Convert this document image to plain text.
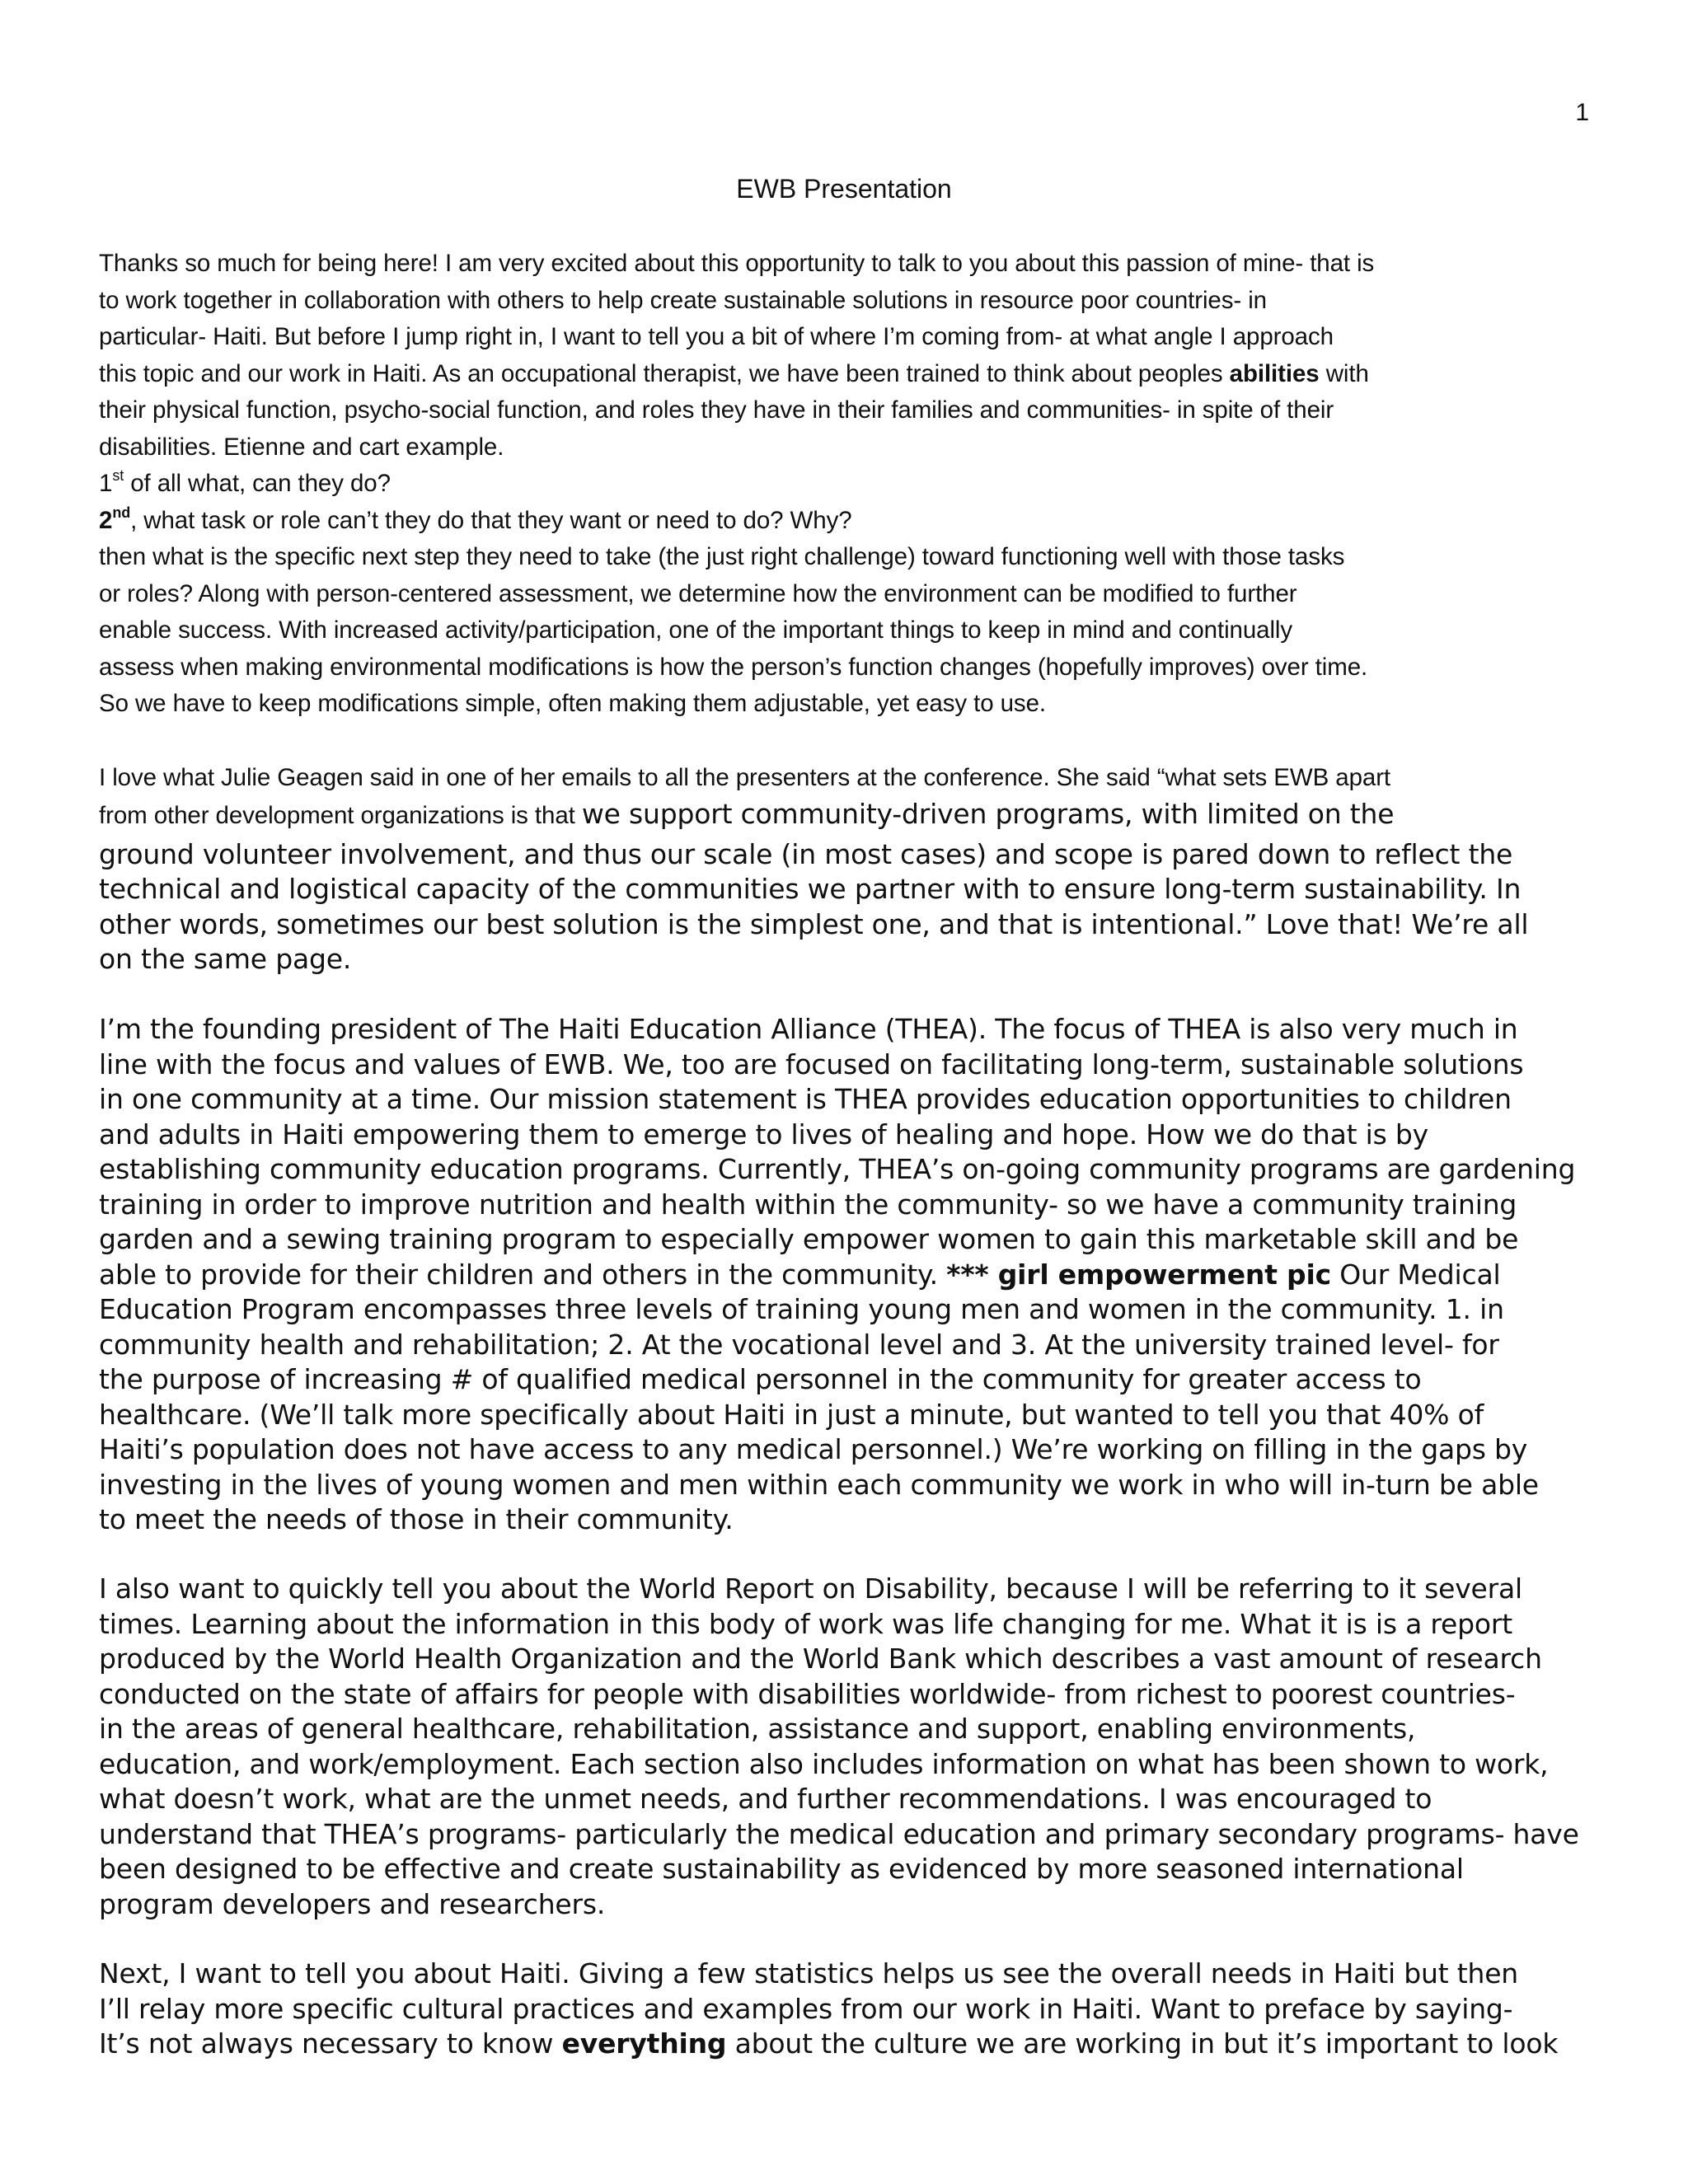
1
EWB Presentation
Thanks so much for being here! I am very excited about this opportunity to talk to you about this passion of mine- that is
to work together in collaboration with others to help create sustainable solutions in resource poor countries- in
particular- Haiti. But before I jump right in, I want to tell you a bit of where I’m coming from- at what angle I approach
this topic and our work in Haiti. As an occupational therapist, we have been trained to think about peoples abilities with
their physical function, psycho-social function, and roles they have in their families and communities- in spite of their
disabilities. Etienne and cart example.
1st of all what, can they do?
2nd, what task or role can’t they do that they want or need to do? Why?
then what is the specific next step they need to take (the just right challenge) toward functioning well with those tasks
or roles? Along with person-centered assessment, we determine how the environment can be modified to further
enable success. With increased activity/participation, one of the important things to keep in mind and continually
assess when making environmental modifications is how the person’s function changes (hopefully improves) over time.
So we have to keep modifications simple, often making them adjustable, yet easy to use.
I love what Julie Geagen said in one of her emails to all the presenters at the conference. She said “what sets EWB apart
from other development organizations is that we support community-driven programs, with limited on the
ground volunteer involvement, and thus our scale (in most cases) and scope is pared down to reflect the
technical and logistical capacity of the communities we partner with to ensure long-term sustainability. In
other words, sometimes our best solution is the simplest one, and that is intentional.” Love that! We’re all
on the same page.
I’m the founding president of The Haiti Education Alliance (THEA). The focus of THEA is also very much in
line with the focus and values of EWB. We, too are focused on facilitating long-term, sustainable solutions
in one community at a time. Our mission statement is THEA provides education opportunities to children
and adults in Haiti empowering them to emerge to lives of healing and hope. How we do that is by
establishing community education programs. Currently, THEA’s on-going community programs are gardening
training in order to improve nutrition and health within the community- so we have a community training
garden and a sewing training program to especially empower women to gain this marketable skill and be
able to provide for their children and others in the community. *** girl empowerment pic Our Medical
Education Program encompasses three levels of training young men and women in the community. 1. in
community health and rehabilitation; 2. At the vocational level and 3. At the university trained level- for
the purpose of increasing # of qualified medical personnel in the community for greater access to
healthcare. (We’ll talk more specifically about Haiti in just a minute, but wanted to tell you that 40% of
Haiti’s population does not have access to any medical personnel.) We’re working on filling in the gaps by
investing in the lives of young women and men within each community we work in who will in-turn be able
to meet the needs of those in their community.
I also want to quickly tell you about the World Report on Disability, because I will be referring to it several
times. Learning about the information in this body of work was life changing for me. What it is is a report
produced by the World Health Organization and the World Bank which describes a vast amount of research
conducted on the state of affairs for people with disabilities worldwide- from richest to poorest countries-
in the areas of general healthcare, rehabilitation, assistance and support, enabling environments,
education, and work/employment. Each section also includes information on what has been shown to work,
what doesn’t work, what are the unmet needs, and further recommendations. I was encouraged to
understand that THEA’s programs- particularly the medical education and primary secondary programs- have
been designed to be effective and create sustainability as evidenced by more seasoned international
program developers and researchers.
Next, I want to tell you about Haiti. Giving a few statistics helps us see the overall needs in Haiti but then
I’ll relay more specific cultural practices and examples from our work in Haiti. Want to preface by saying-
It’s not always necessary to know everything about the culture we are working in but it’s important to look
